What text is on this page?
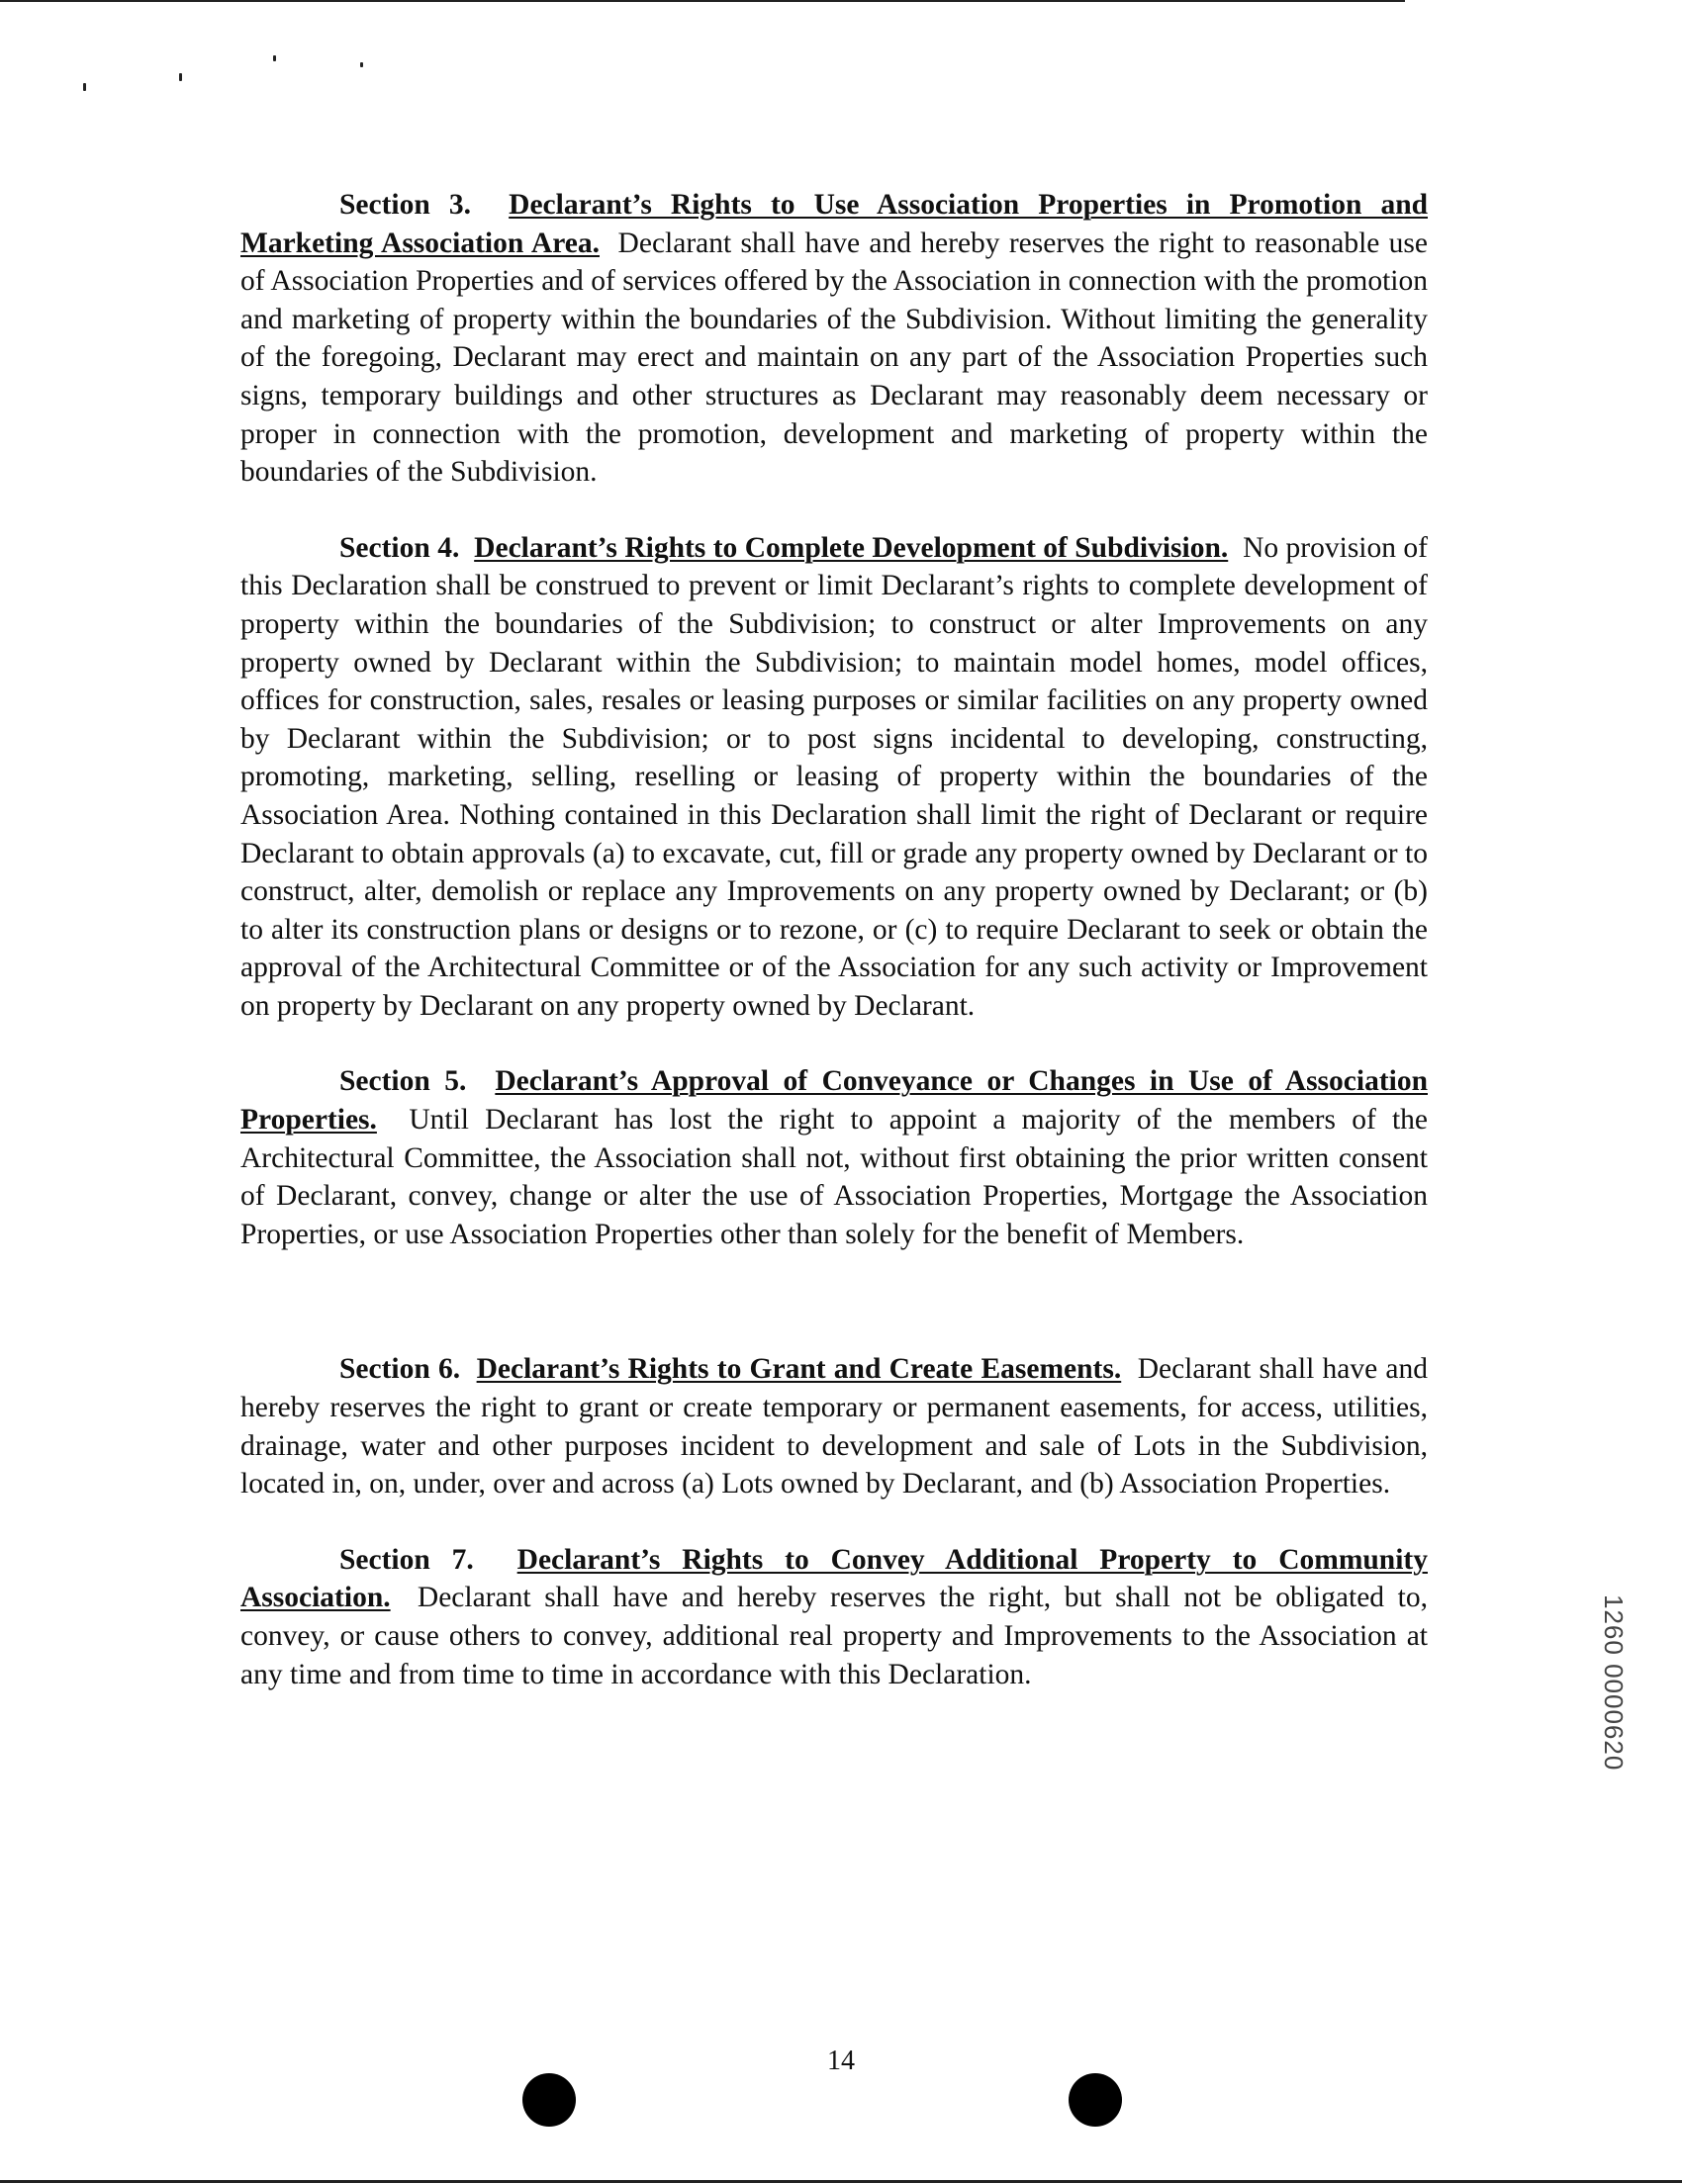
Section 3. Declarant’s Rights to Use Association Properties in Promotion and Marketing Association Area. Declarant shall have and hereby reserves the right to reasonable use of Association Properties and of services offered by the Association in connection with the promotion and marketing of property within the boundaries of the Subdivision. Without limiting the generality of the foregoing, Declarant may erect and maintain on any part of the Association Properties such signs, temporary buildings and other structures as Declarant may reasonably deem necessary or proper in connection with the promotion, development and marketing of property within the boundaries of the Subdivision.

Section 4. Declarant’s Rights to Complete Development of Subdivision. No provision of this Declaration shall be construed to prevent or limit Declarant’s rights to complete development of property within the boundaries of the Subdivision; to construct or alter Improvements on any property owned by Declarant within the Subdivision; to maintain model homes, model offices, offices for construction, sales, resales or leasing purposes or similar facilities on any property owned by Declarant within the Subdivision; or to post signs incidental to developing, constructing, promoting, marketing, selling, reselling or leasing of property within the boundaries of the Association Area. Nothing contained in this Declaration shall limit the right of Declarant or require Declarant to obtain approvals (a) to excavate, cut, fill or grade any property owned by Declarant or to construct, alter, demolish or replace any Improvements on any property owned by Declarant; or (b) to alter its construction plans or designs or to rezone, or (c) to require Declarant to seek or obtain the approval of the Architectural Committee or of the Association for any such activity or Improvement on property by Declarant on any property owned by Declarant.

Section 5. Declarant’s Approval of Conveyance or Changes in Use of Association Properties. Until Declarant has lost the right to appoint a majority of the members of the Architectural Committee, the Association shall not, without first obtaining the prior written consent of Declarant, convey, change or alter the use of Association Properties, Mortgage the Association Properties, or use Association Properties other than solely for the benefit of Members.

Section 6. Declarant’s Rights to Grant and Create Easements. Declarant shall have and hereby reserves the right to grant or create temporary or permanent easements, for access, utilities, drainage, water and other purposes incident to development and sale of Lots in the Subdivision, located in, on, under, over and across (a) Lots owned by Declarant, and (b) Association Properties.

Section 7. Declarant’s Rights to Convey Additional Property to Community Association. Declarant shall have and hereby reserves the right, but shall not be obligated to, convey, or cause others to convey, additional real property and Improvements to the Association at any time and from time to time in accordance with this Declaration.	1260 0000620
14
